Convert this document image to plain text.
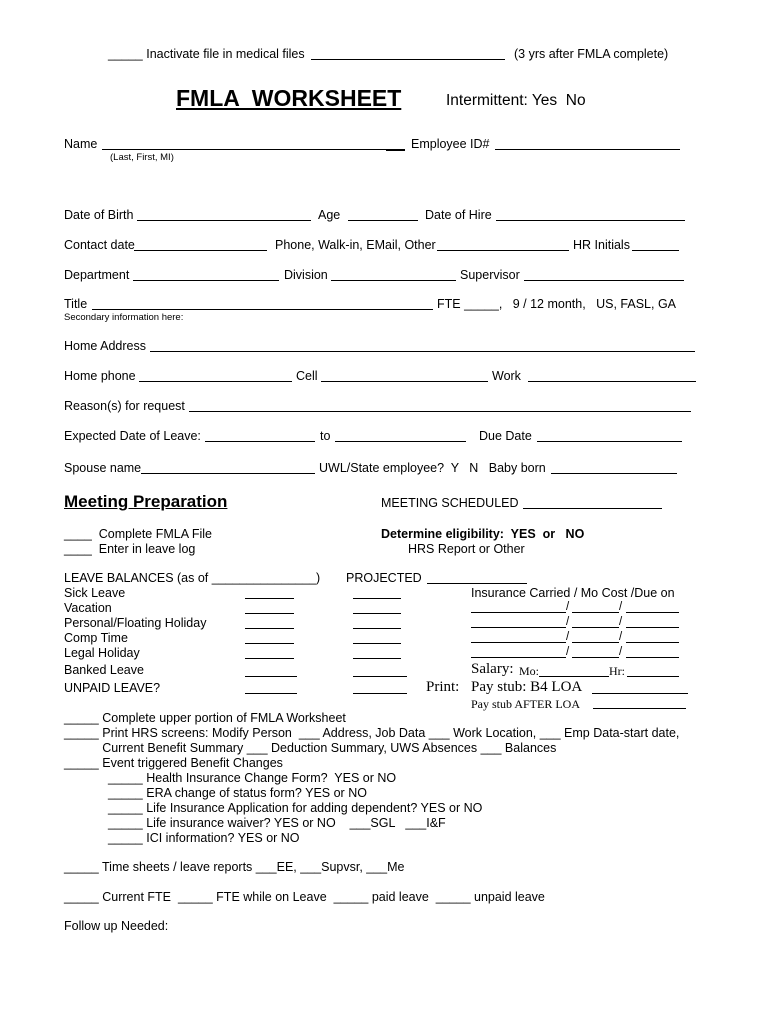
_____ Inactivate file in medical files	(3 yrs after FMLA complete)
FMLA  WORKSHEET	Intermittent: Yes  No
Name
(Last, First, MI)
Employee ID#
Date of Birth	Age	Date of Hire
Contact date	Phone, Walk-in, EMail, Other	HR Initials
Department	Division	Supervisor
Title	FTE _____,   9 / 12 month,   US, FASL, GA
Secondary information here:
Home Address
Home phone	Cell	Work
Reason(s) for request
Expected Date of Leave:	to	Due Date
Spouse name	UWL/State employee?  Y   N   Baby born
Meeting Preparation	MEETING SCHEDULED
____  Complete FMLA File
____  Enter in leave log
Determine eligibility:  YES  or   NO
HRS Report or Other
LEAVE BALANCES (as of _______________) PROJECTED
Insurance Carried / Mo Cost /Due on
Sick Leave
Vacation
Personal/Floating Holiday
Comp Time
Legal Holiday
Banked Leave
UNPAID LEAVE?
/	/
/	/
/	/
/	/
Salary: Mo:	Hr:
Print: Pay stub: B4 LOA
Pay stub AFTER LOA
_____ Complete upper portion of FMLA Worksheet
_____ Print HRS screens: Modify Person  ___ Address, Job Data ___ Work Location, ___ Emp Data-start date,
Current Benefit Summary ___ Deduction Summary, UWS Absences ___ Balances
_____ Event triggered Benefit Changes
_____ Health Insurance Change Form?  YES or NO
_____ ERA change of status form? YES or NO
_____ Life Insurance Application for adding dependent? YES or NO
_____ Life insurance waiver? YES or NO    ___SGL   ___I&F
_____ ICI information? YES or NO
_____ Time sheets / leave reports ___EE, ___Supvsr, ___Me
_____ Current FTE  _____ FTE while on Leave  _____ paid leave  _____ unpaid leave
Follow up Needed:
